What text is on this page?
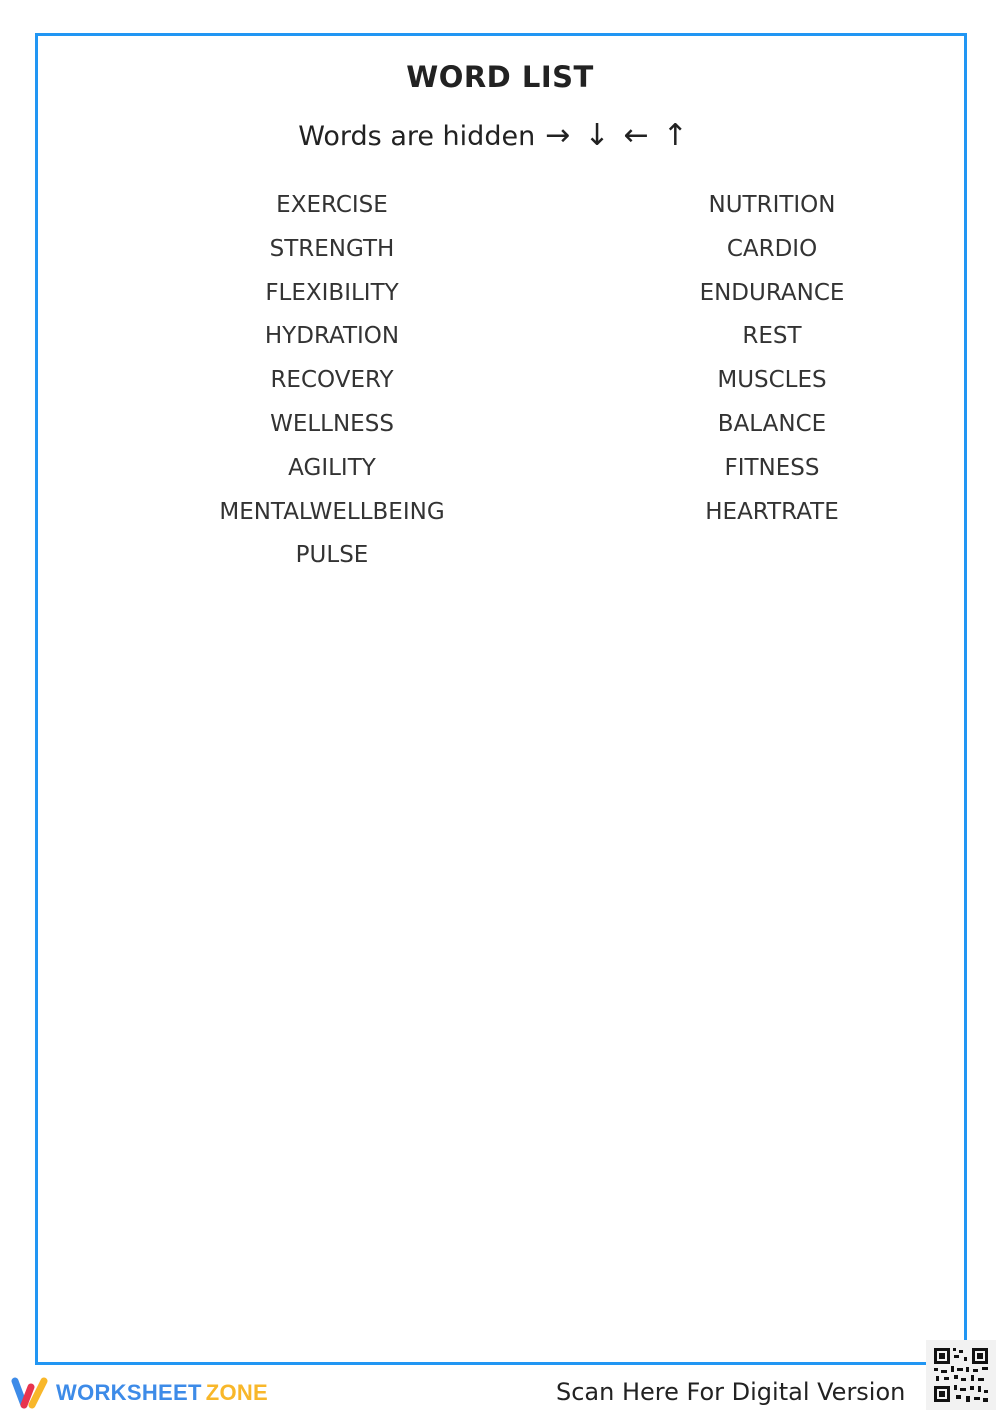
WORD LIST
Words are hidden →↓←↑
EXERCISE
STRENGTH
FLEXIBILITY
HYDRATION
RECOVERY
WELLNESS
AGILITY
MENTALWELLBEING
PULSE
NUTRITION
CARDIO
ENDURANCE
REST
MUSCLES
BALANCE
FITNESS
HEARTRATE
WORKSHEET ZONE	Scan Here For Digital Version
